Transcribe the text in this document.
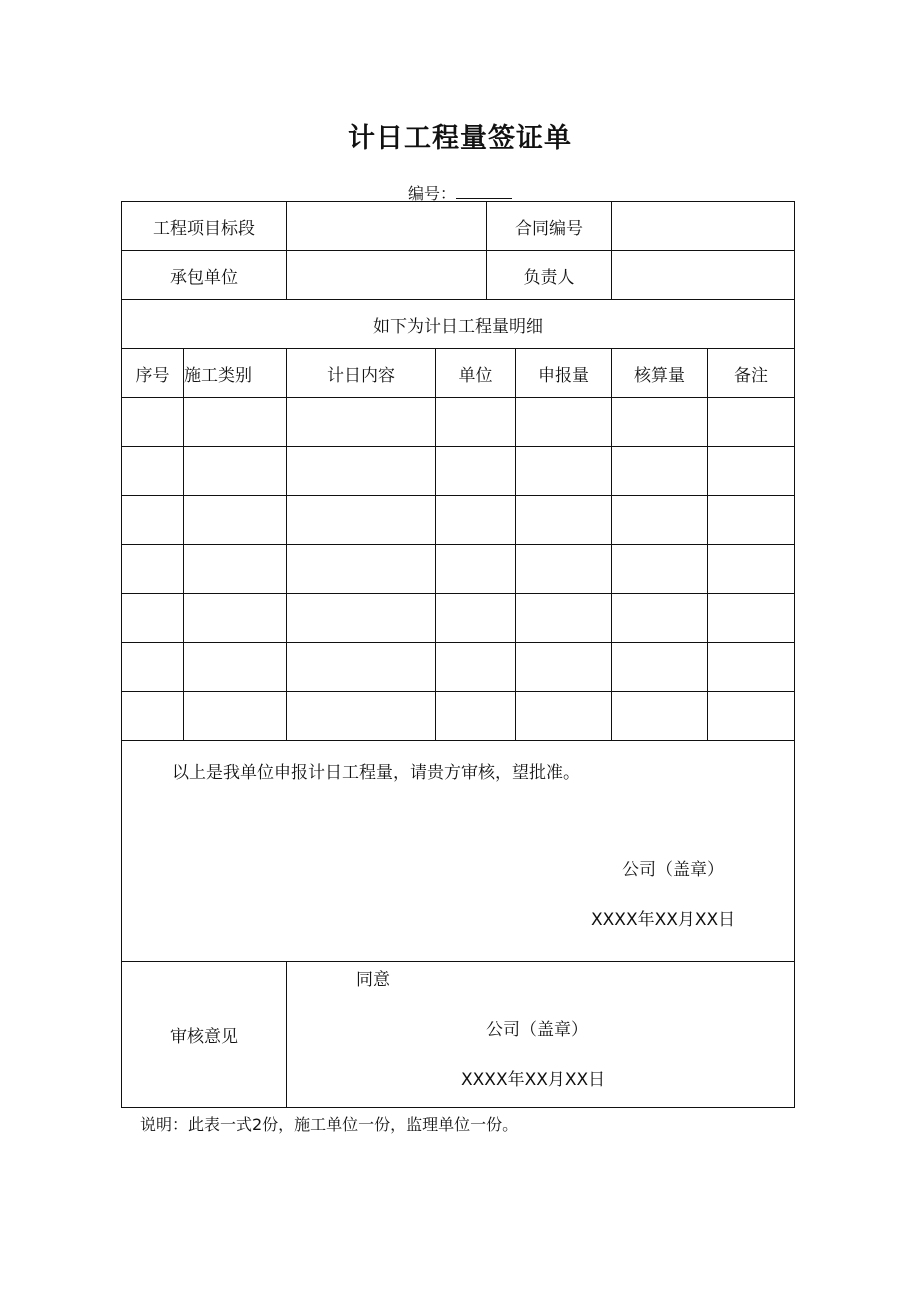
计日工程量签证单
编号：
工程项目标段				合同编号			
承包单位				负责人			
如下为计日工程量明细							
序号	施工类别	计日内容	单位		申报量	核算量	备注

以上是我单位申报计日工程量，请贵方审核，望批准。
公司（盖章）
XXXX年XX月XX日							

审核意见		同意
公司（盖章）
XXXX年XX月XX日					
说明：此表一式2份，施工单位一份，监理单位一份。
